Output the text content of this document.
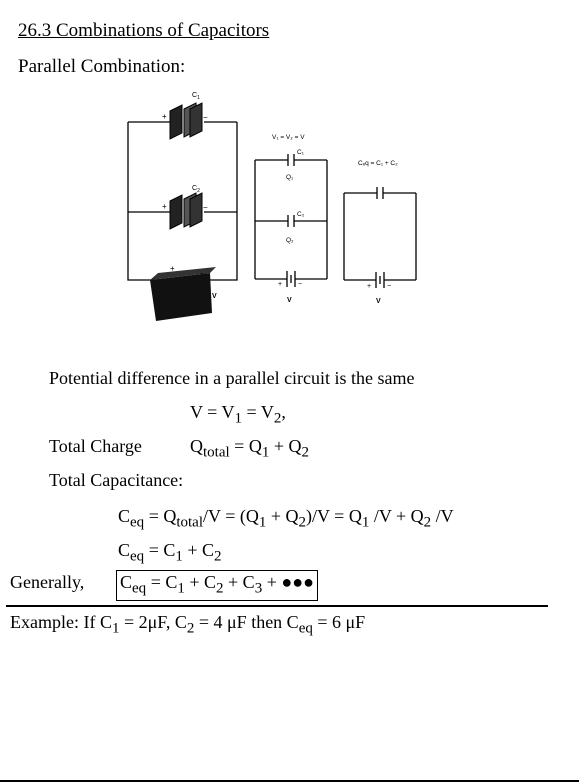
26.3 Combinations of Capacitors
Parallel Combination:
$C_1$
$C_2$
+	−
+	−
+
−
V
V₁ = V₂ = V
C₁
Q₁
C₂
Q₂
+ −
V
Cₑq = C₁ + C₂
+ −
V
Potential difference in a parallel circuit is the same
$V = V_1 = V_2$,
Total Charge	$Q_{total} = Q_1 + Q_2$
Total Capacitance:
$C_{eq} = Q_{total}/V = (Q_1 + Q_2)/V = Q_1$ $/V + Q_2$ /V
$C_{eq} = C_1 + C_2$
Generally, $C_{eq} = C_1 + C_2 + C_3$ + ●●●
Example: If $C_1 = 2\mu F$, $C_2 = 4$ μF then $C_{eq} = 6$ μF
